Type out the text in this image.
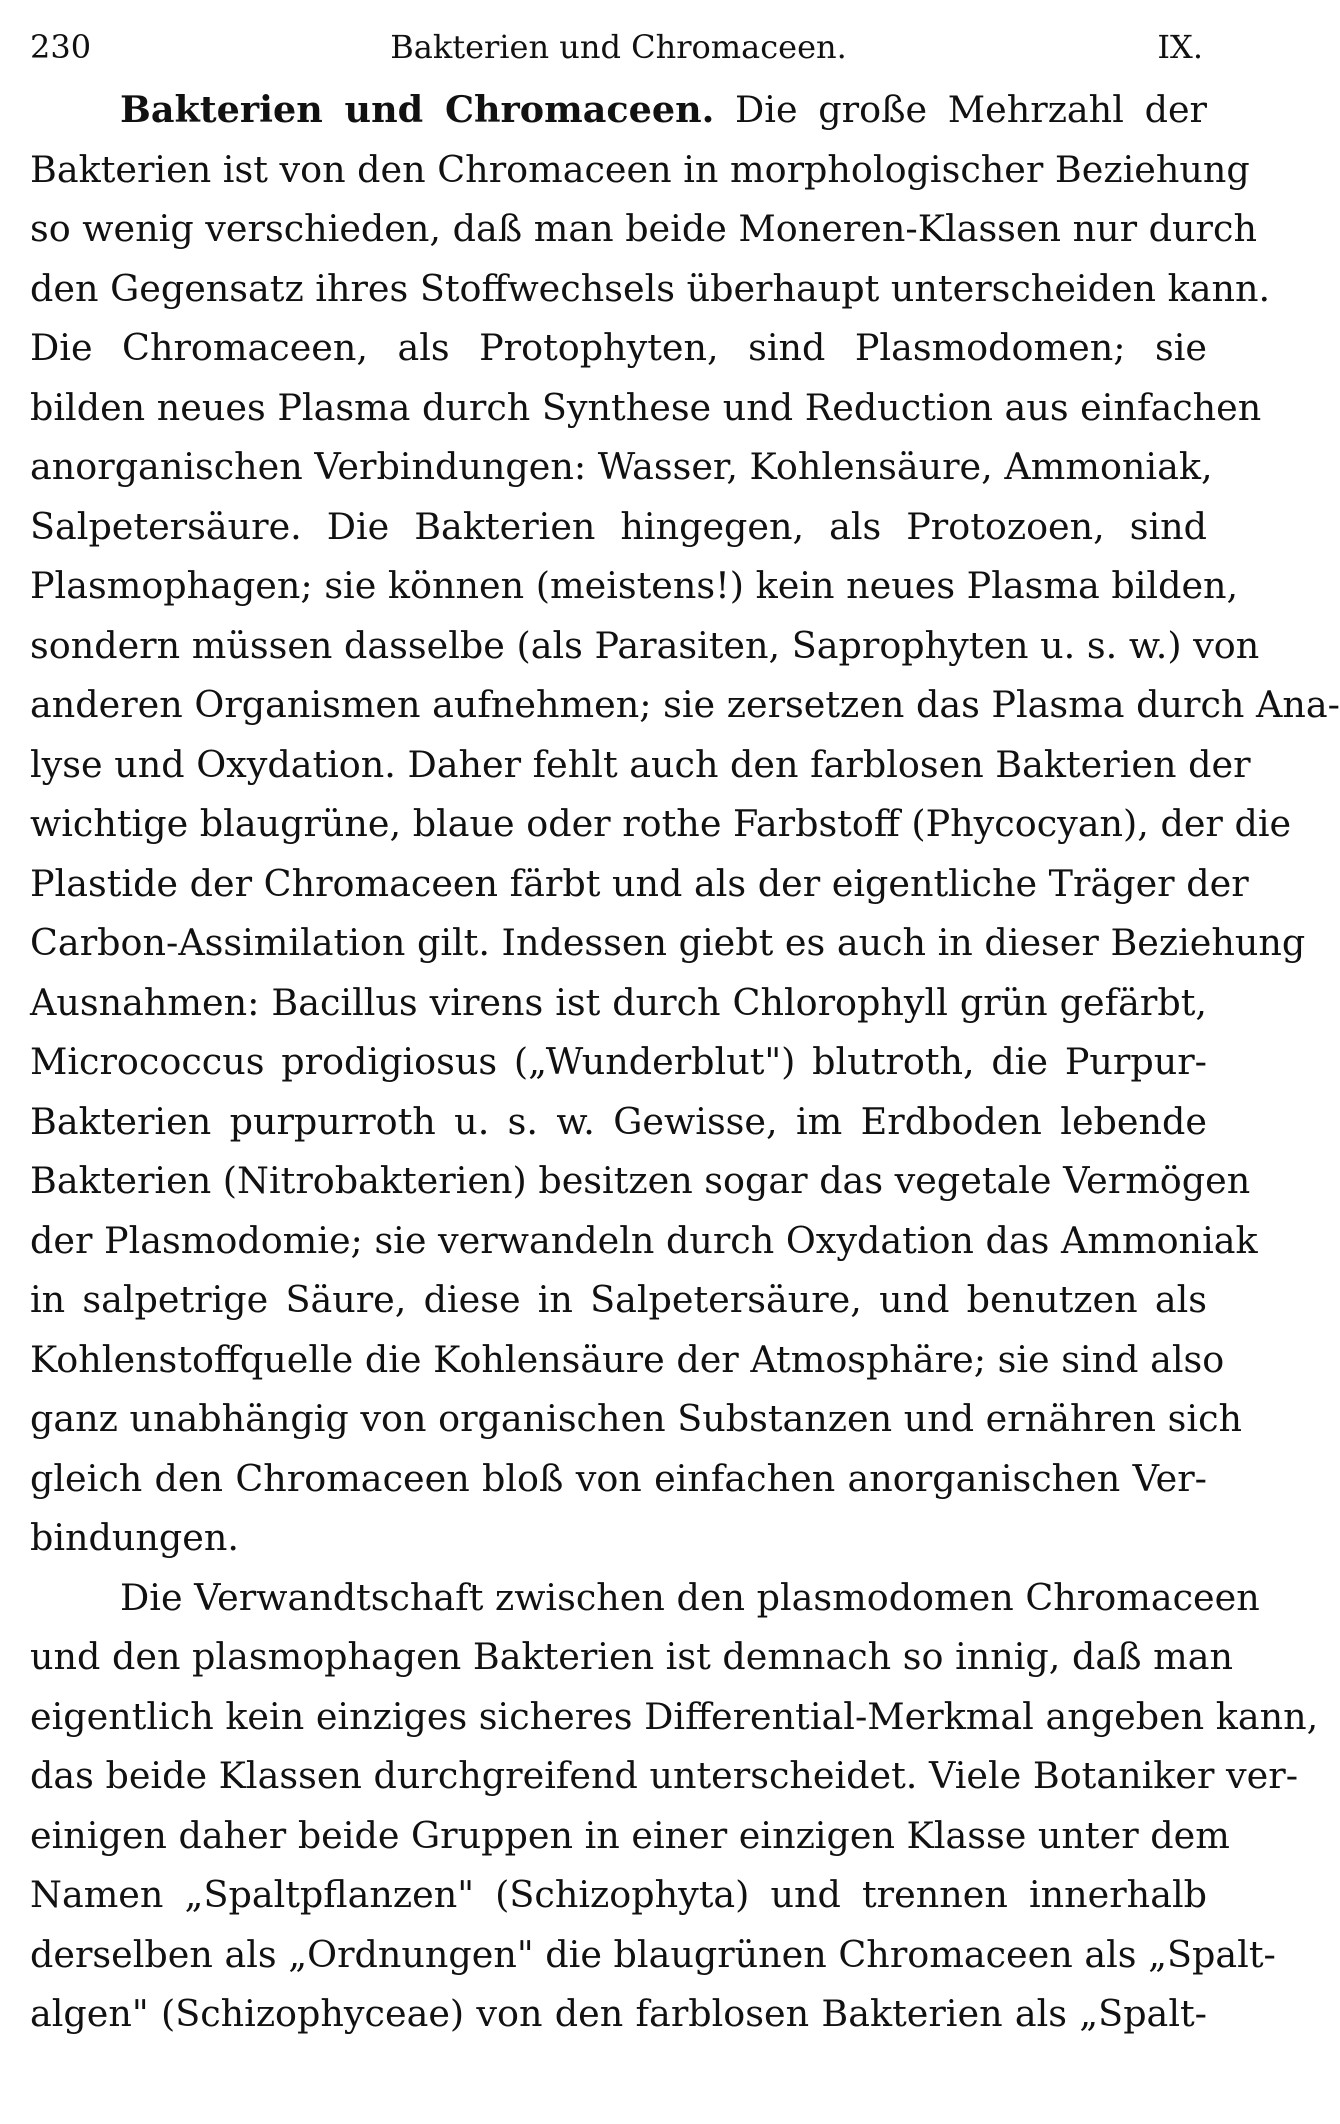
230	Bakterien und Chromaceen.	IX.
Bakterien und Chromaceen. Die große Mehrzahl der
Bakterien ist von den Chromaceen in morphologischer Beziehung
so wenig verschieden, daß man beide Moneren-Klassen nur durch
den Gegensatz ihres Stoffwechsels überhaupt unterscheiden kann.
Die Chromaceen, als Protophyten, sind Plasmodomen; sie
bilden neues Plasma durch Synthese und Reduction aus einfachen
anorganischen Verbindungen: Wasser, Kohlensäure, Ammoniak,
Salpetersäure. Die Bakterien hingegen, als Protozoen, sind
Plasmophagen; sie können (meistens!) kein neues Plasma bilden,
sondern müssen dasselbe (als Parasiten, Saprophyten u. s. w.) von
anderen Organismen aufnehmen; sie zersetzen das Plasma durch Ana-
lyse und Oxydation. Daher fehlt auch den farblosen Bakterien der
wichtige blaugrüne, blaue oder rothe Farbstoff (Phycocyan), der die
Plastide der Chromaceen färbt und als der eigentliche Träger der
Carbon-Assimilation gilt. Indessen giebt es auch in dieser Beziehung
Ausnahmen: Bacillus virens ist durch Chlorophyll grün gefärbt,
Micrococcus prodigiosus („Wunderblut") blutroth, die Purpur-
Bakterien purpurroth u. s. w. Gewisse, im Erdboden lebende
Bakterien (Nitrobakterien) besitzen sogar das vegetale Vermögen
der Plasmodomie; sie verwandeln durch Oxydation das Ammoniak
in salpetrige Säure, diese in Salpetersäure, und benutzen als
Kohlenstoffquelle die Kohlensäure der Atmosphäre; sie sind also
ganz unabhängig von organischen Substanzen und ernähren sich
gleich den Chromaceen bloß von einfachen anorganischen Ver-
bindungen.
Die Verwandtschaft zwischen den plasmodomen Chromaceen
und den plasmophagen Bakterien ist demnach so innig, daß man
eigentlich kein einziges sicheres Differential-Merkmal angeben kann,
das beide Klassen durchgreifend unterscheidet. Viele Botaniker ver-
einigen daher beide Gruppen in einer einzigen Klasse unter dem
Namen „Spaltpflanzen" (Schizophyta) und trennen innerhalb
derselben als „Ordnungen" die blaugrünen Chromaceen als „Spalt-
algen" (Schizophyceae) von den farblosen Bakterien als „Spalt-
